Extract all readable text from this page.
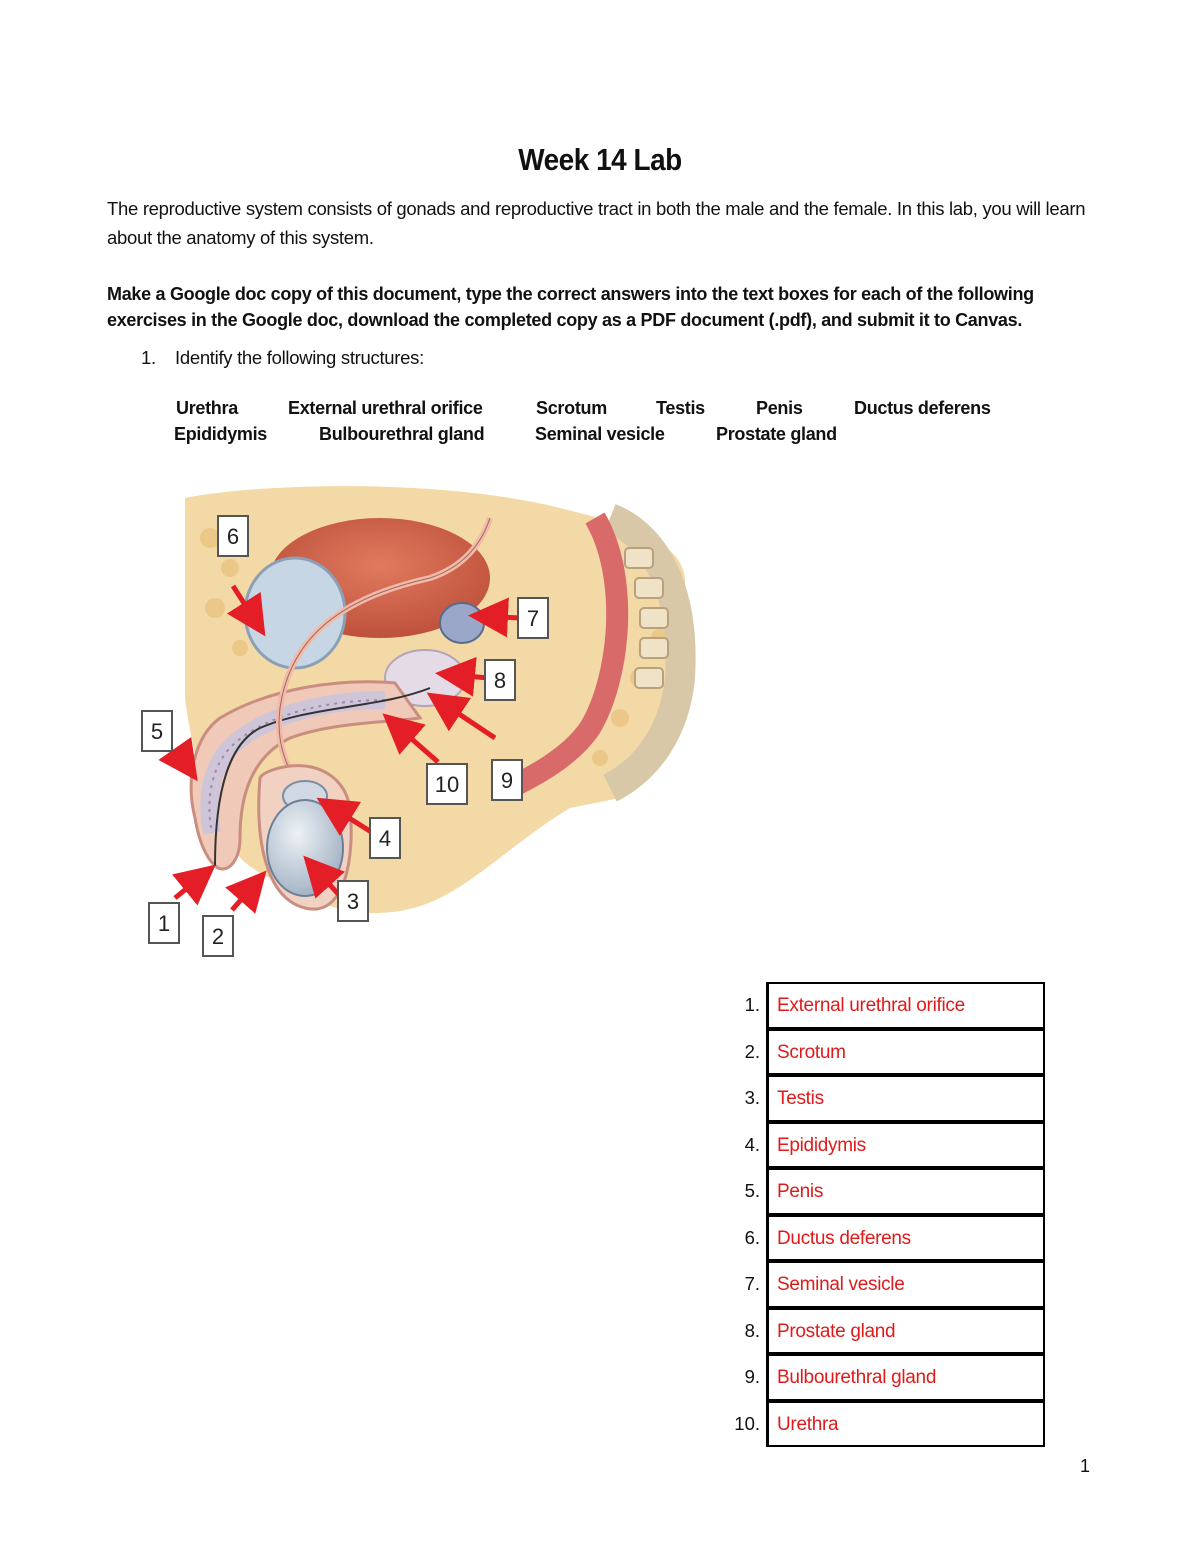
Week 14 Lab
The reproductive system consists of gonads and reproductive tract in both the male and the female. In this lab, you will learn about the anatomy of this system.
Make a Google doc copy of this document, type the correct answers into the text boxes for each of the following exercises in the Google doc, download the completed copy as a PDF document (.pdf), and submit it to Canvas.
1. Identify the following structures:
Urethra	External urethral orifice	Scrotum	Testis	Penis	Ductus deferens
Epididymis	Bulbourethral gland	Seminal vesicle	Prostate gland
1
2
3
4
5
6
7
8
9
10
1. External urethral orifice
2. Scrotum
3. Testis
4. Epididymis
5. Penis
6. Ductus deferens
7. Seminal vesicle
8. Prostate gland
9. Bulbourethral gland
10. Urethra
1
